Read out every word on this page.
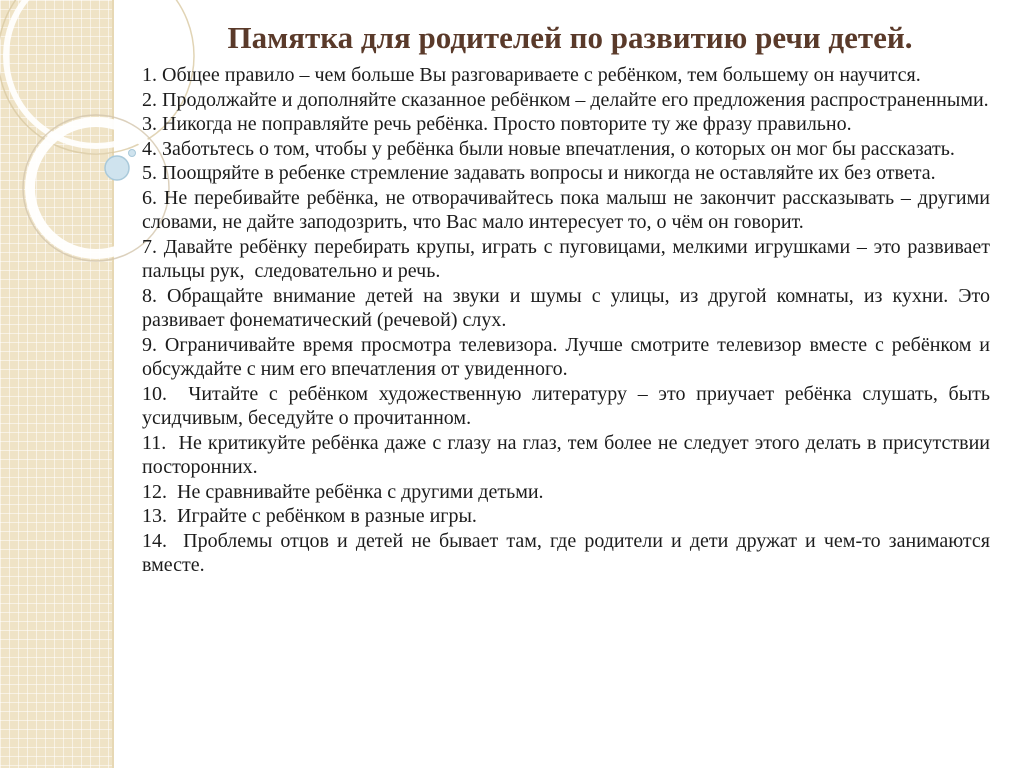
Памятка для родителей по развитию речи детей.
1. Общее правило – чем больше Вы разговариваете с ребёнком, тем большему он научится.
2. Продолжайте и дополняйте сказанное ребёнком – делайте его предложения распространенными.
3. Никогда не поправляйте речь ребёнка. Просто повторите ту же фразу правильно.
4. Заботьтесь о том, чтобы у ребёнка были новые впечатления, о которых он мог бы рассказать.
5. Поощряйте в ребенке стремление задавать вопросы и никогда не оставляйте их без ответа.
6. Не перебивайте ребёнка, не отворачивайтесь пока малыш не закончит рассказывать – другими словами, не дайте заподозрить, что Вас мало интересует то, о чём он говорит.
7. Давайте ребёнку перебирать крупы, играть с пуговицами, мелкими игрушками – это развивает пальцы рук,  следовательно и речь.
8. Обращайте внимание детей на звуки и шумы с улицы, из другой комнаты, из кухни. Это развивает фонематический (речевой) слух.
9. Ограничивайте время просмотра телевизора. Лучше смотрите телевизор вместе с ребёнком и обсуждайте с ним его впечатления от увиденного.
10.  Читайте с ребёнком художественную литературу – это приучает ребёнка слушать, быть усидчивым, беседуйте о прочитанном.
11.  Не критикуйте ребёнка даже с глазу на глаз, тем более не следует этого делать в присутствии посторонних.
12.  Не сравнивайте ребёнка с другими детьми.
13.  Играйте с ребёнком в разные игры.
14.  Проблемы отцов и детей не бывает там, где родители и дети дружат и чем-то занимаются вместе.
